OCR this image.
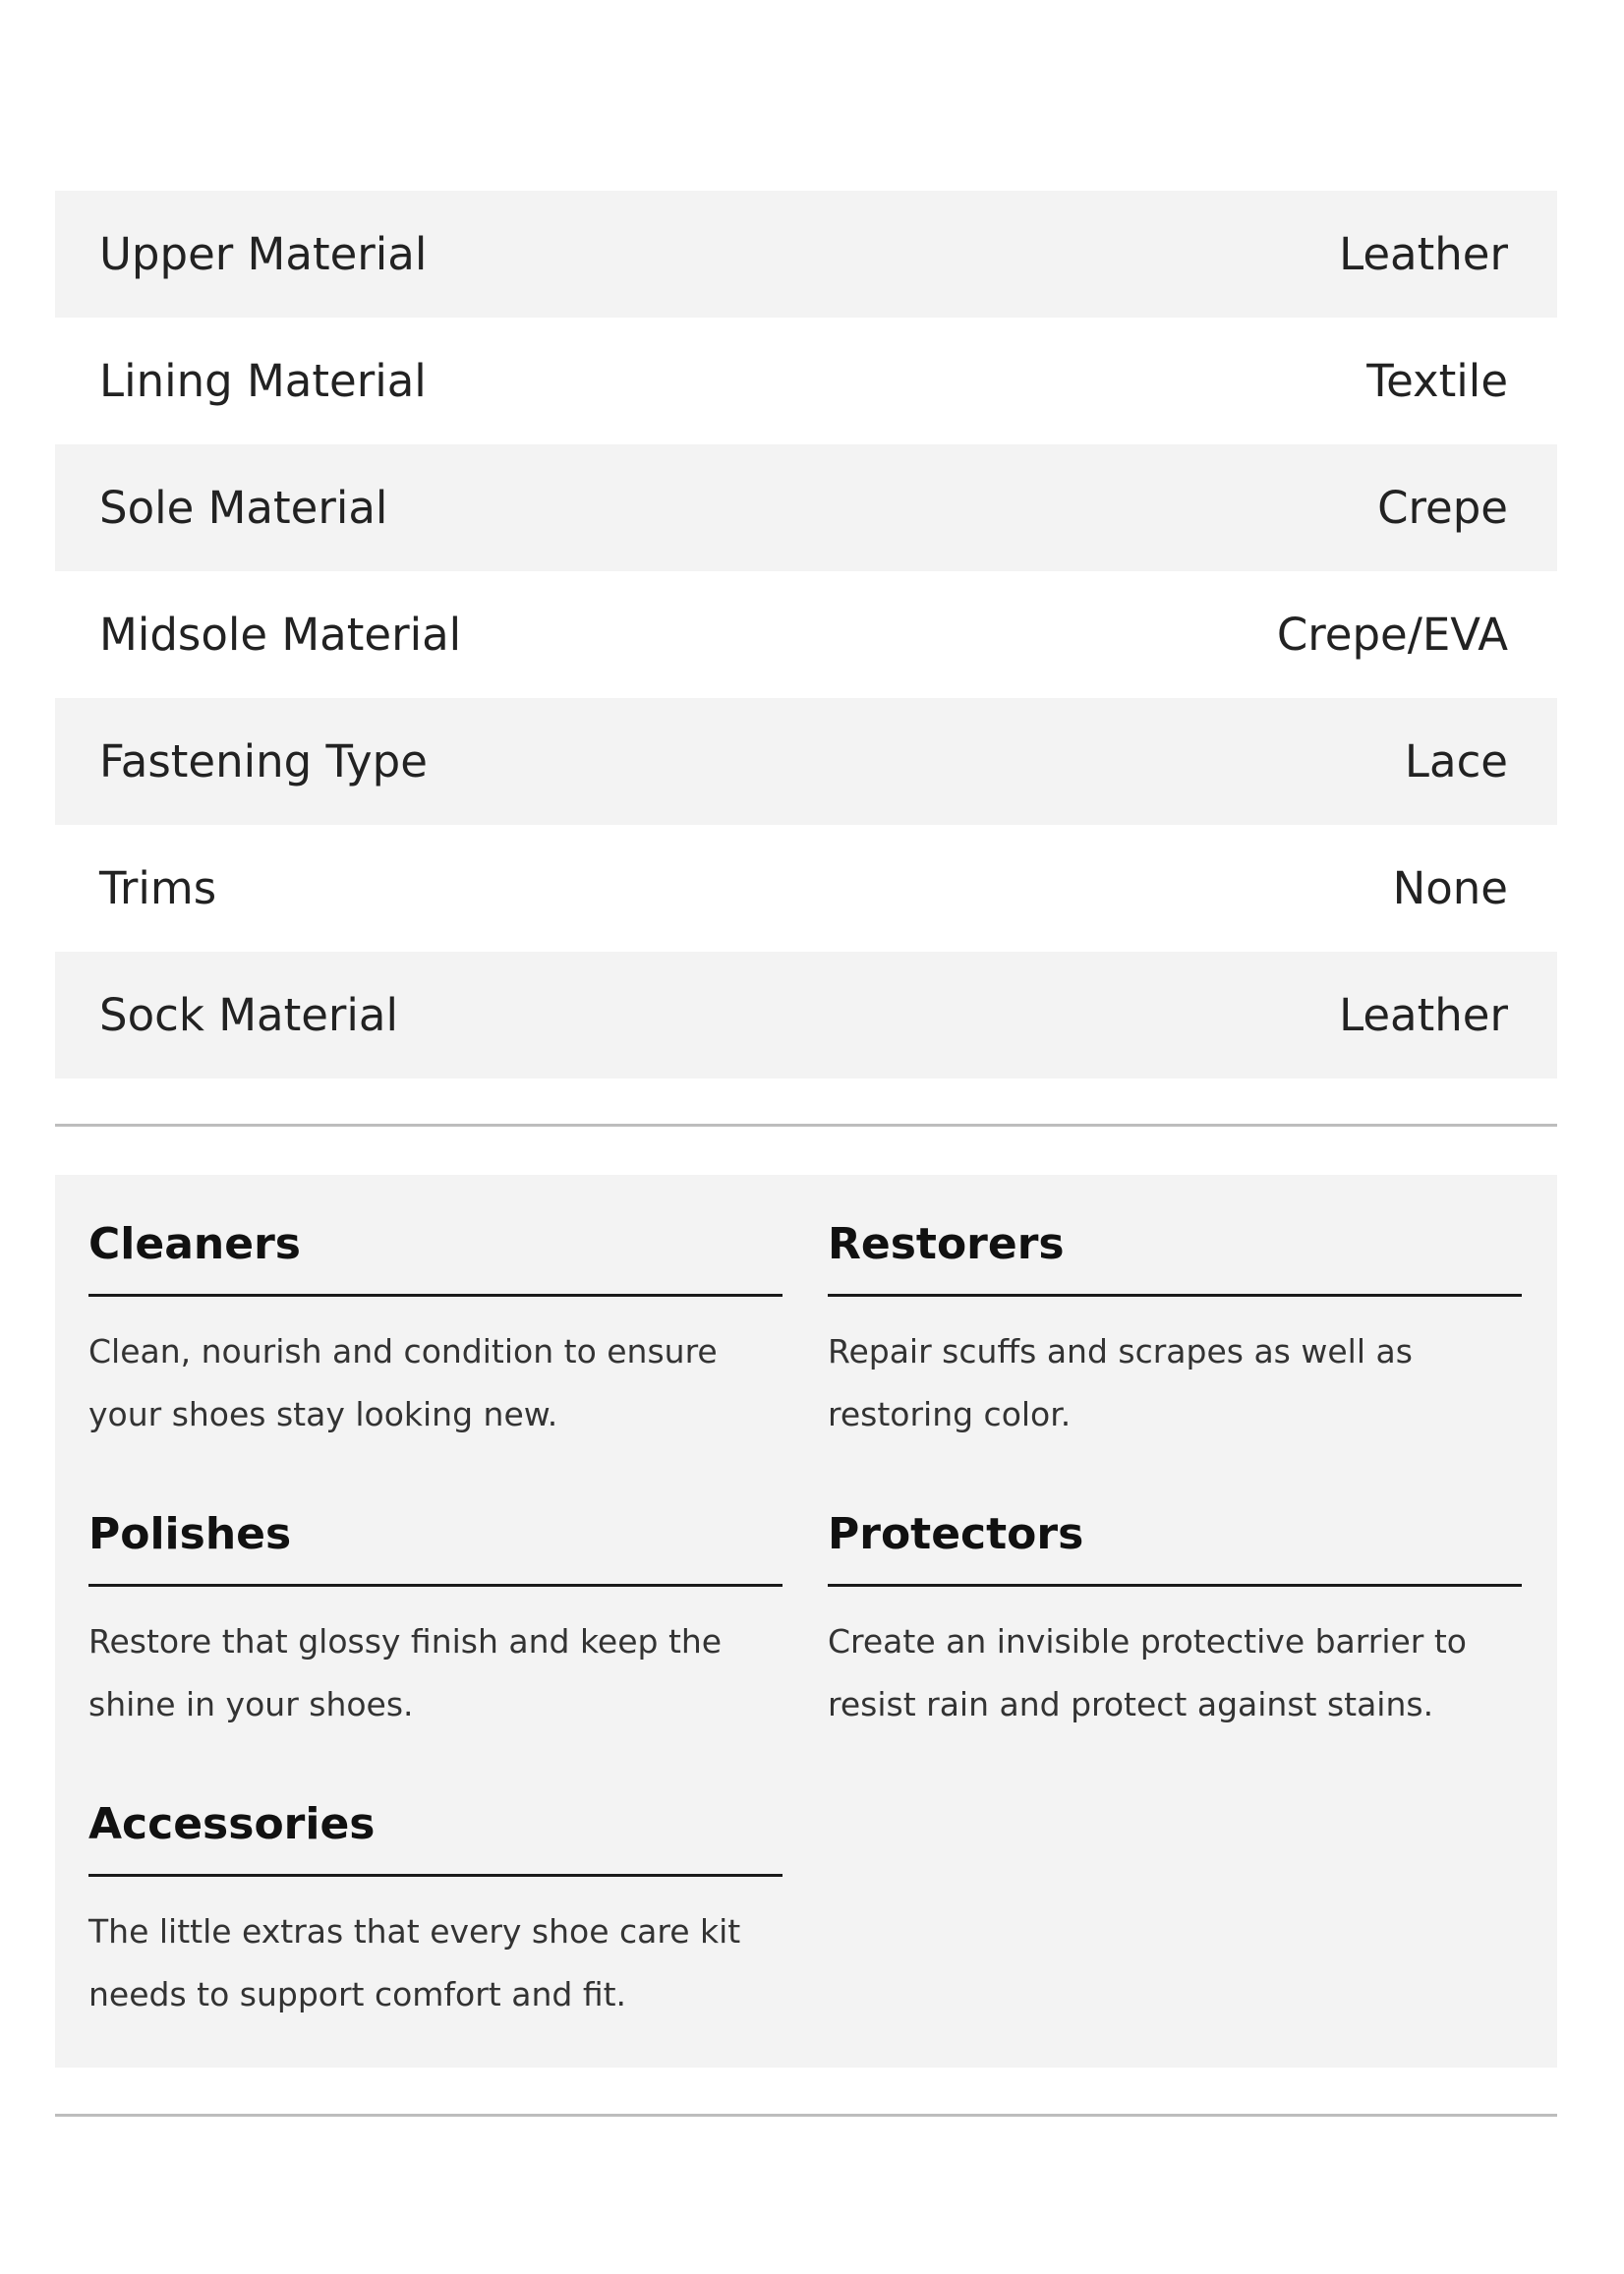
Upper Material	Leather
Lining Material	Textile
Sole Material	Crepe
Midsole Material	Crepe/EVA
Fastening Type	Lace
Trims	None
Sock Material	Leather
Cleaners
Clean, nourish and condition to ensure your shoes stay looking new.
Restorers
Repair scuffs and scrapes as well as restoring color.
Polishes
Restore that glossy finish and keep the shine in your shoes.
Protectors
Create an invisible protective barrier to resist rain and protect against stains.
Accessories
The little extras that every shoe care kit needs to support comfort and fit.
